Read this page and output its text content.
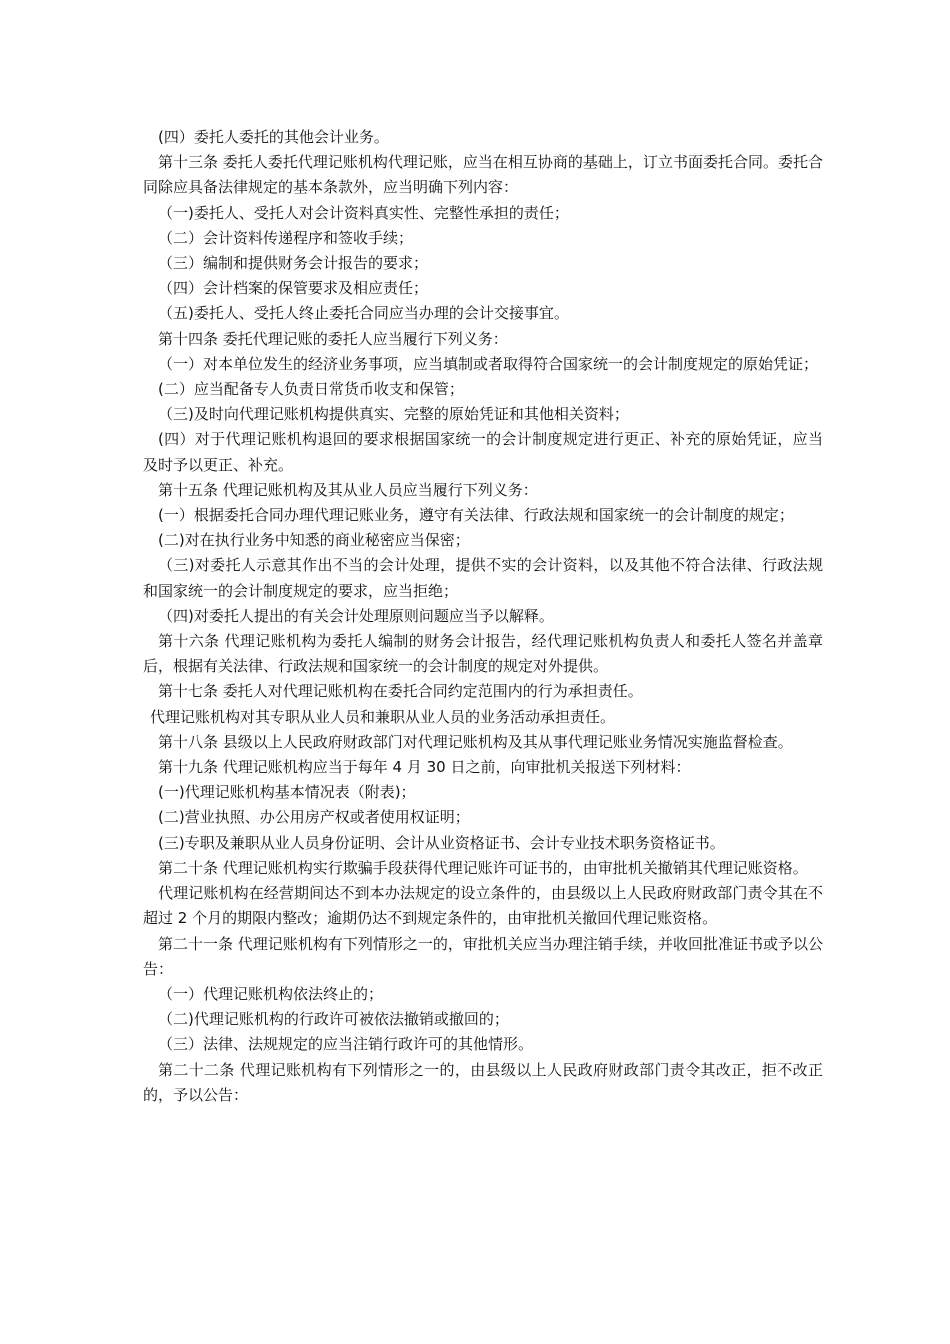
(四）委托人委托的其他会计业务。

第十三条 委托人委托代理记账机构代理记账，应当在相互协商的基础上，订立书面委托合同。委托合同除应具备法律规定的基本条款外，应当明确下列内容：

（一)委托人、受托人对会计资料真实性、完整性承担的责任；

（二）会计资料传递程序和签收手续；

（三）编制和提供财务会计报告的要求；

（四）会计档案的保管要求及相应责任；

（五)委托人、受托人终止委托合同应当办理的会计交接事宜。

第十四条 委托代理记账的委托人应当履行下列义务：

（一）对本单位发生的经济业务事项，应当填制或者取得符合国家统一的会计制度规定的原始凭证；

(二）应当配备专人负责日常货币收支和保管；

（三)及时向代理记账机构提供真实、完整的原始凭证和其他相关资料；

(四）对于代理记账机构退回的要求根据国家统一的会计制度规定进行更正、补充的原始凭证，应当及时予以更正、补充。

第十五条 代理记账机构及其从业人员应当履行下列义务：

(一）根据委托合同办理代理记账业务，遵守有关法律、行政法规和国家统一的会计制度的规定；

(二)对在执行业务中知悉的商业秘密应当保密；

（三)对委托人示意其作出不当的会计处理，提供不实的会计资料，以及其他不符合法律、行政法规和国家统一的会计制度规定的要求，应当拒绝；

（四)对委托人提出的有关会计处理原则问题应当予以解释。

第十六条 代理记账机构为委托人编制的财务会计报告，经代理记账机构负责人和委托人签名并盖章后，根据有关法律、行政法规和国家统一的会计制度的规定对外提供。

第十七条 委托人对代理记账机构在委托合同约定范围内的行为承担责任。

代理记账机构对其专职从业人员和兼职从业人员的业务活动承担责任。

第十八条 县级以上人民政府财政部门对代理记账机构及其从事代理记账业务情况实施监督检查。

第十九条 代理记账机构应当于每年 4 月 30 日之前，向审批机关报送下列材料：

(一)代理记账机构基本情况表（附表)；

(二)营业执照、办公用房产权或者使用权证明；

(三)专职及兼职从业人员身份证明、会计从业资格证书、会计专业技术职务资格证书。

第二十条 代理记账机构实行欺骗手段获得代理记账许可证书的，由审批机关撤销其代理记账资格。

代理记账机构在经营期间达不到本办法规定的设立条件的，由县级以上人民政府财政部门责令其在不超过 2 个月的期限内整改；逾期仍达不到规定条件的，由审批机关撤回代理记账资格。

第二十一条 代理记账机构有下列情形之一的，审批机关应当办理注销手续，并收回批准证书或予以公告：

（一）代理记账机构依法终止的；

（二)代理记账机构的行政许可被依法撤销或撤回的；

（三）法律、法规规定的应当注销行政许可的其他情形。

第二十二条 代理记账机构有下列情形之一的，由县级以上人民政府财政部门责令其改正，拒不改正的，予以公告：
